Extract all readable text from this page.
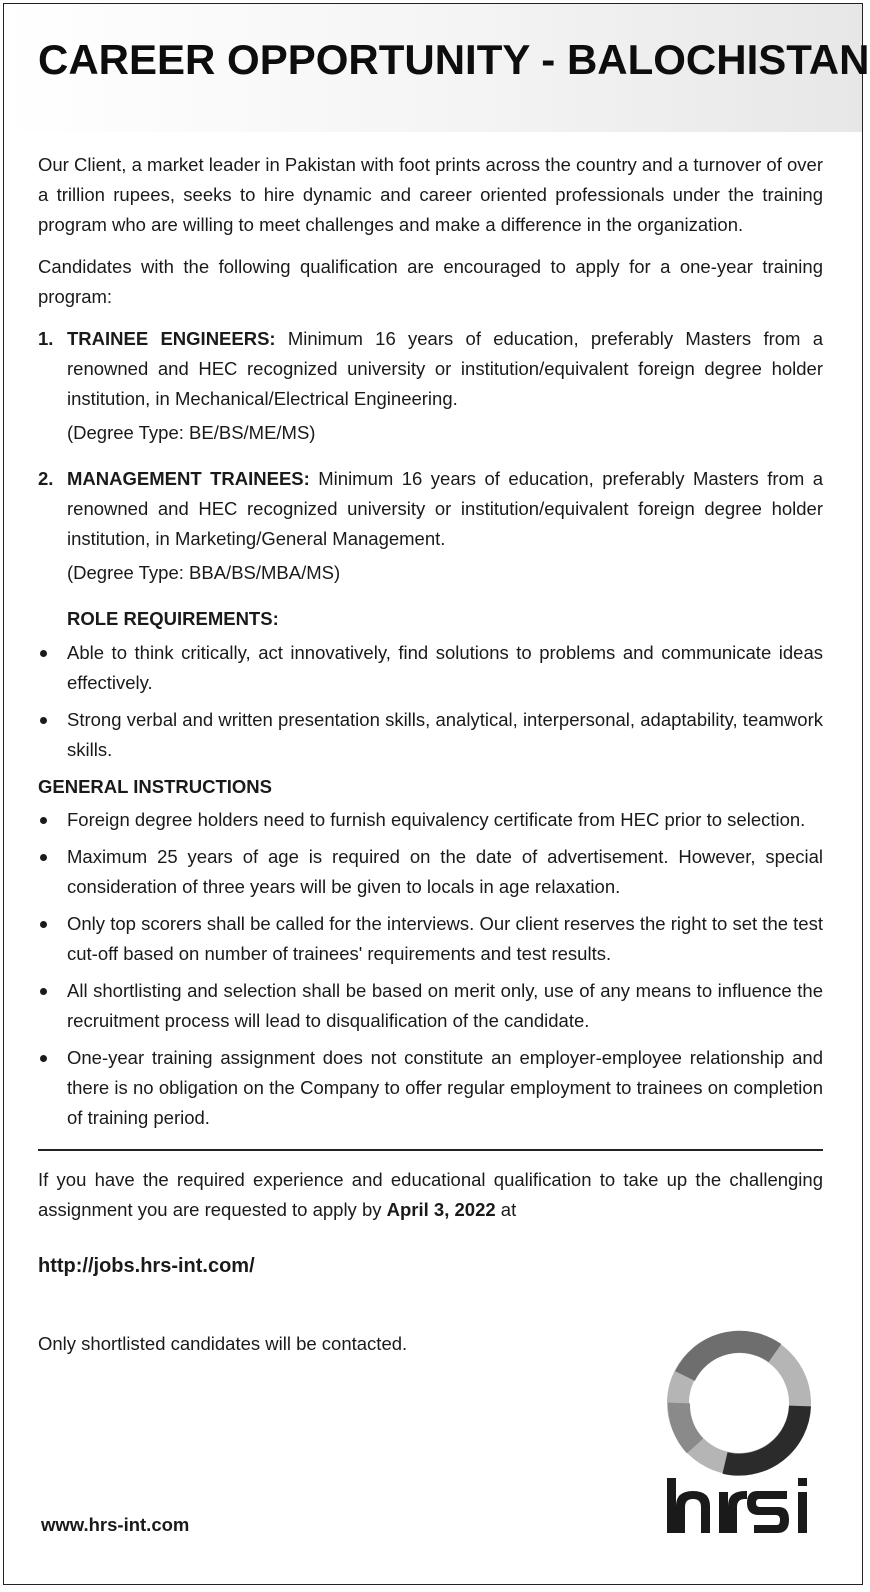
CAREER OPPORTUNITY - BALOCHISTAN

Our Client, a market leader in Pakistan with foot prints across the country and a turnover of over a trillion rupees, seeks to hire dynamic and career oriented professionals under the training program who are willing to meet challenges and make a difference in the organization.

Candidates with the following qualification are encouraged to apply for a one-year training program:

1. TRAINEE ENGINEERS: Minimum 16 years of education, preferably Masters from a renowned and HEC recognized university or institution/equivalent foreign degree holder institution, in Mechanical/Electrical Engineering.

(Degree Type: BE/BS/ME/MS)

2. MANAGEMENT TRAINEES: Minimum 16 years of education, preferably Masters from a renowned and HEC recognized university or institution/equivalent foreign degree holder institution, in Marketing/General Management.

(Degree Type: BBA/BS/MBA/MS)

ROLE REQUIREMENTS:

Able to think critically, act innovatively, find solutions to problems and communicate ideas effectively.

Strong verbal and written presentation skills, analytical, interpersonal, adaptability, teamwork skills.

GENERAL INSTRUCTIONS

Foreign degree holders need to furnish equivalency certificate from HEC prior to selection.

Maximum 25 years of age is required on the date of advertisement. However, special consideration of three years will be given to locals in age relaxation.

Only top scorers shall be called for the interviews. Our client reserves the right to set the test cut-off based on number of trainees' requirements and test results.

All shortlisting and selection shall be based on merit only, use of any means to influence the recruitment process will lead to disqualification of the candidate.

One-year training assignment does not constitute an employer-employee relationship and there is no obligation on the Company to offer regular employment to trainees on completion of training period.

If you have the required experience and educational qualification to take up the challenging assignment you are requested to apply by April 3, 2022 at

http://jobs.hrs-int.com/

Only shortlisted candidates will be contacted.

www.hrs-int.com
